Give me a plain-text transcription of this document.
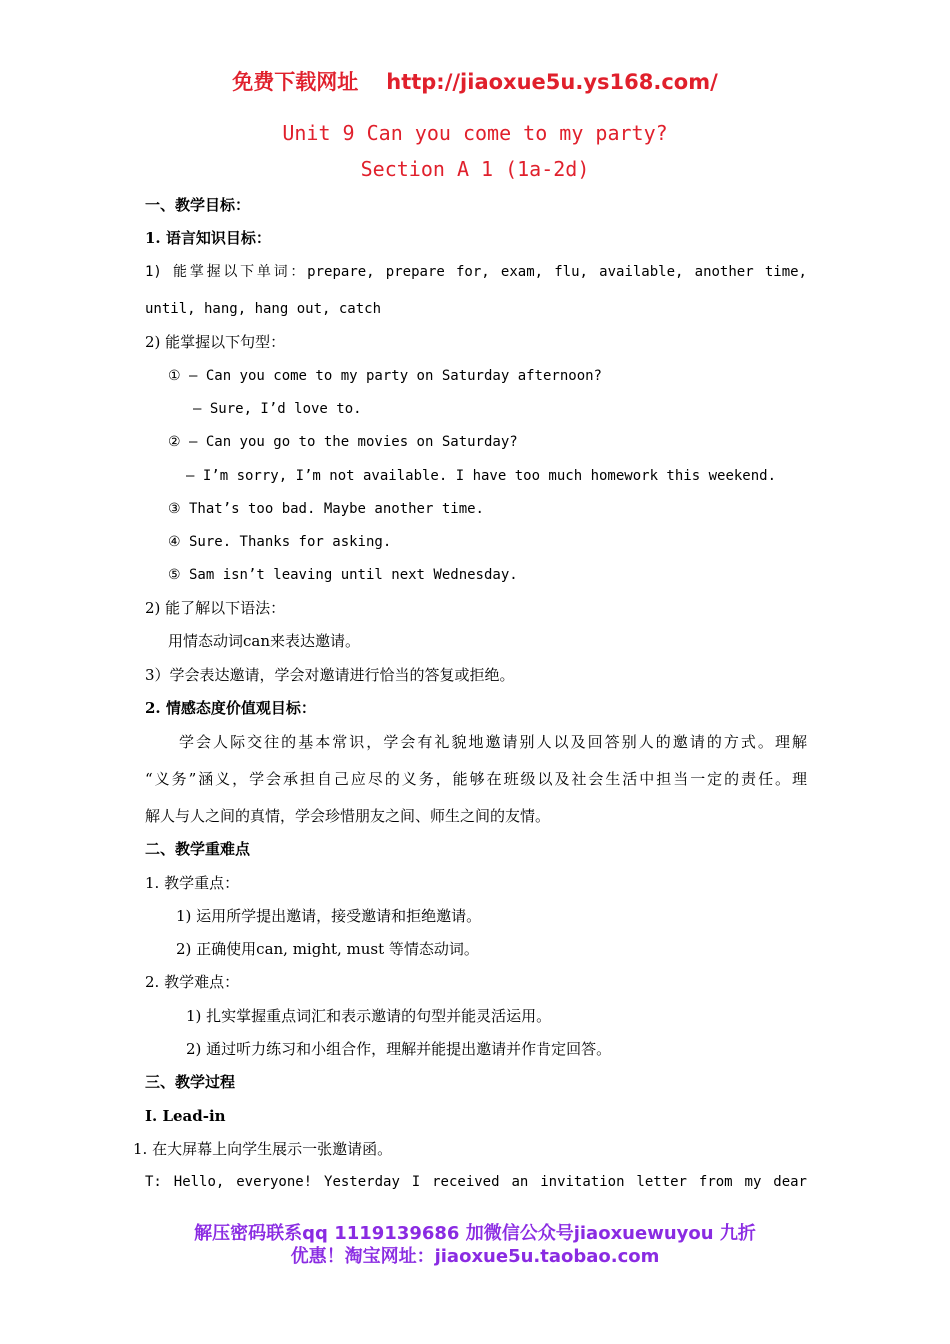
免费下载网址 http://jiaoxue5u.ys168.com/
Unit 9 Can you come to my party?
Section A 1 (1a-2d)
一、教学目标：
1. 语言知识目标：
1) 能掌握以下单词：prepare, prepare for, exam, flu, available, another time,
until, hang, hang out, catch
2) 能掌握以下句型：
① — Can you come to my party on Saturday afternoon?
— Sure, I’d love to.
② — Can you go to the movies on Saturday?
— I’m sorry, I’m not available. I have too much homework this weekend.
③ That’s too bad. Maybe another time.
④ Sure. Thanks for asking.
⑤ Sam isn’t leaving until next Wednesday.
2) 能了解以下语法：
用情态动词can来表达邀请。
3）学会表达邀请，学会对邀请进行恰当的答复或拒绝。
2. 情感态度价值观目标：
学会人际交往的基本常识，学会有礼貌地邀请别人以及回答别人的邀请的方式。理解
“义务”涵义，学会承担自己应尽的义务，能够在班级以及社会生活中担当一定的责任。理
解人与人之间的真情，学会珍惜朋友之间、师生之间的友情。
二、教学重难点
1. 教学重点：
1) 运用所学提出邀请，接受邀请和拒绝邀请。
2) 正确使用can, might, must 等情态动词。
2. 教学难点：
1) 扎实掌握重点词汇和表示邀请的句型并能灵活运用。
2) 通过听力练习和小组合作，理解并能提出邀请并作肯定回答。
三、教学过程
Ⅰ. Lead-in
1. 在大屏幕上向学生展示一张邀请函。
T: Hello, everyone! Yesterday I received an invitation letter from my dear
解压密码联系qq 1119139686 加微信公众号jiaoxuewuyou 九折
优惠！淘宝网址：jiaoxue5u.taobao.com
